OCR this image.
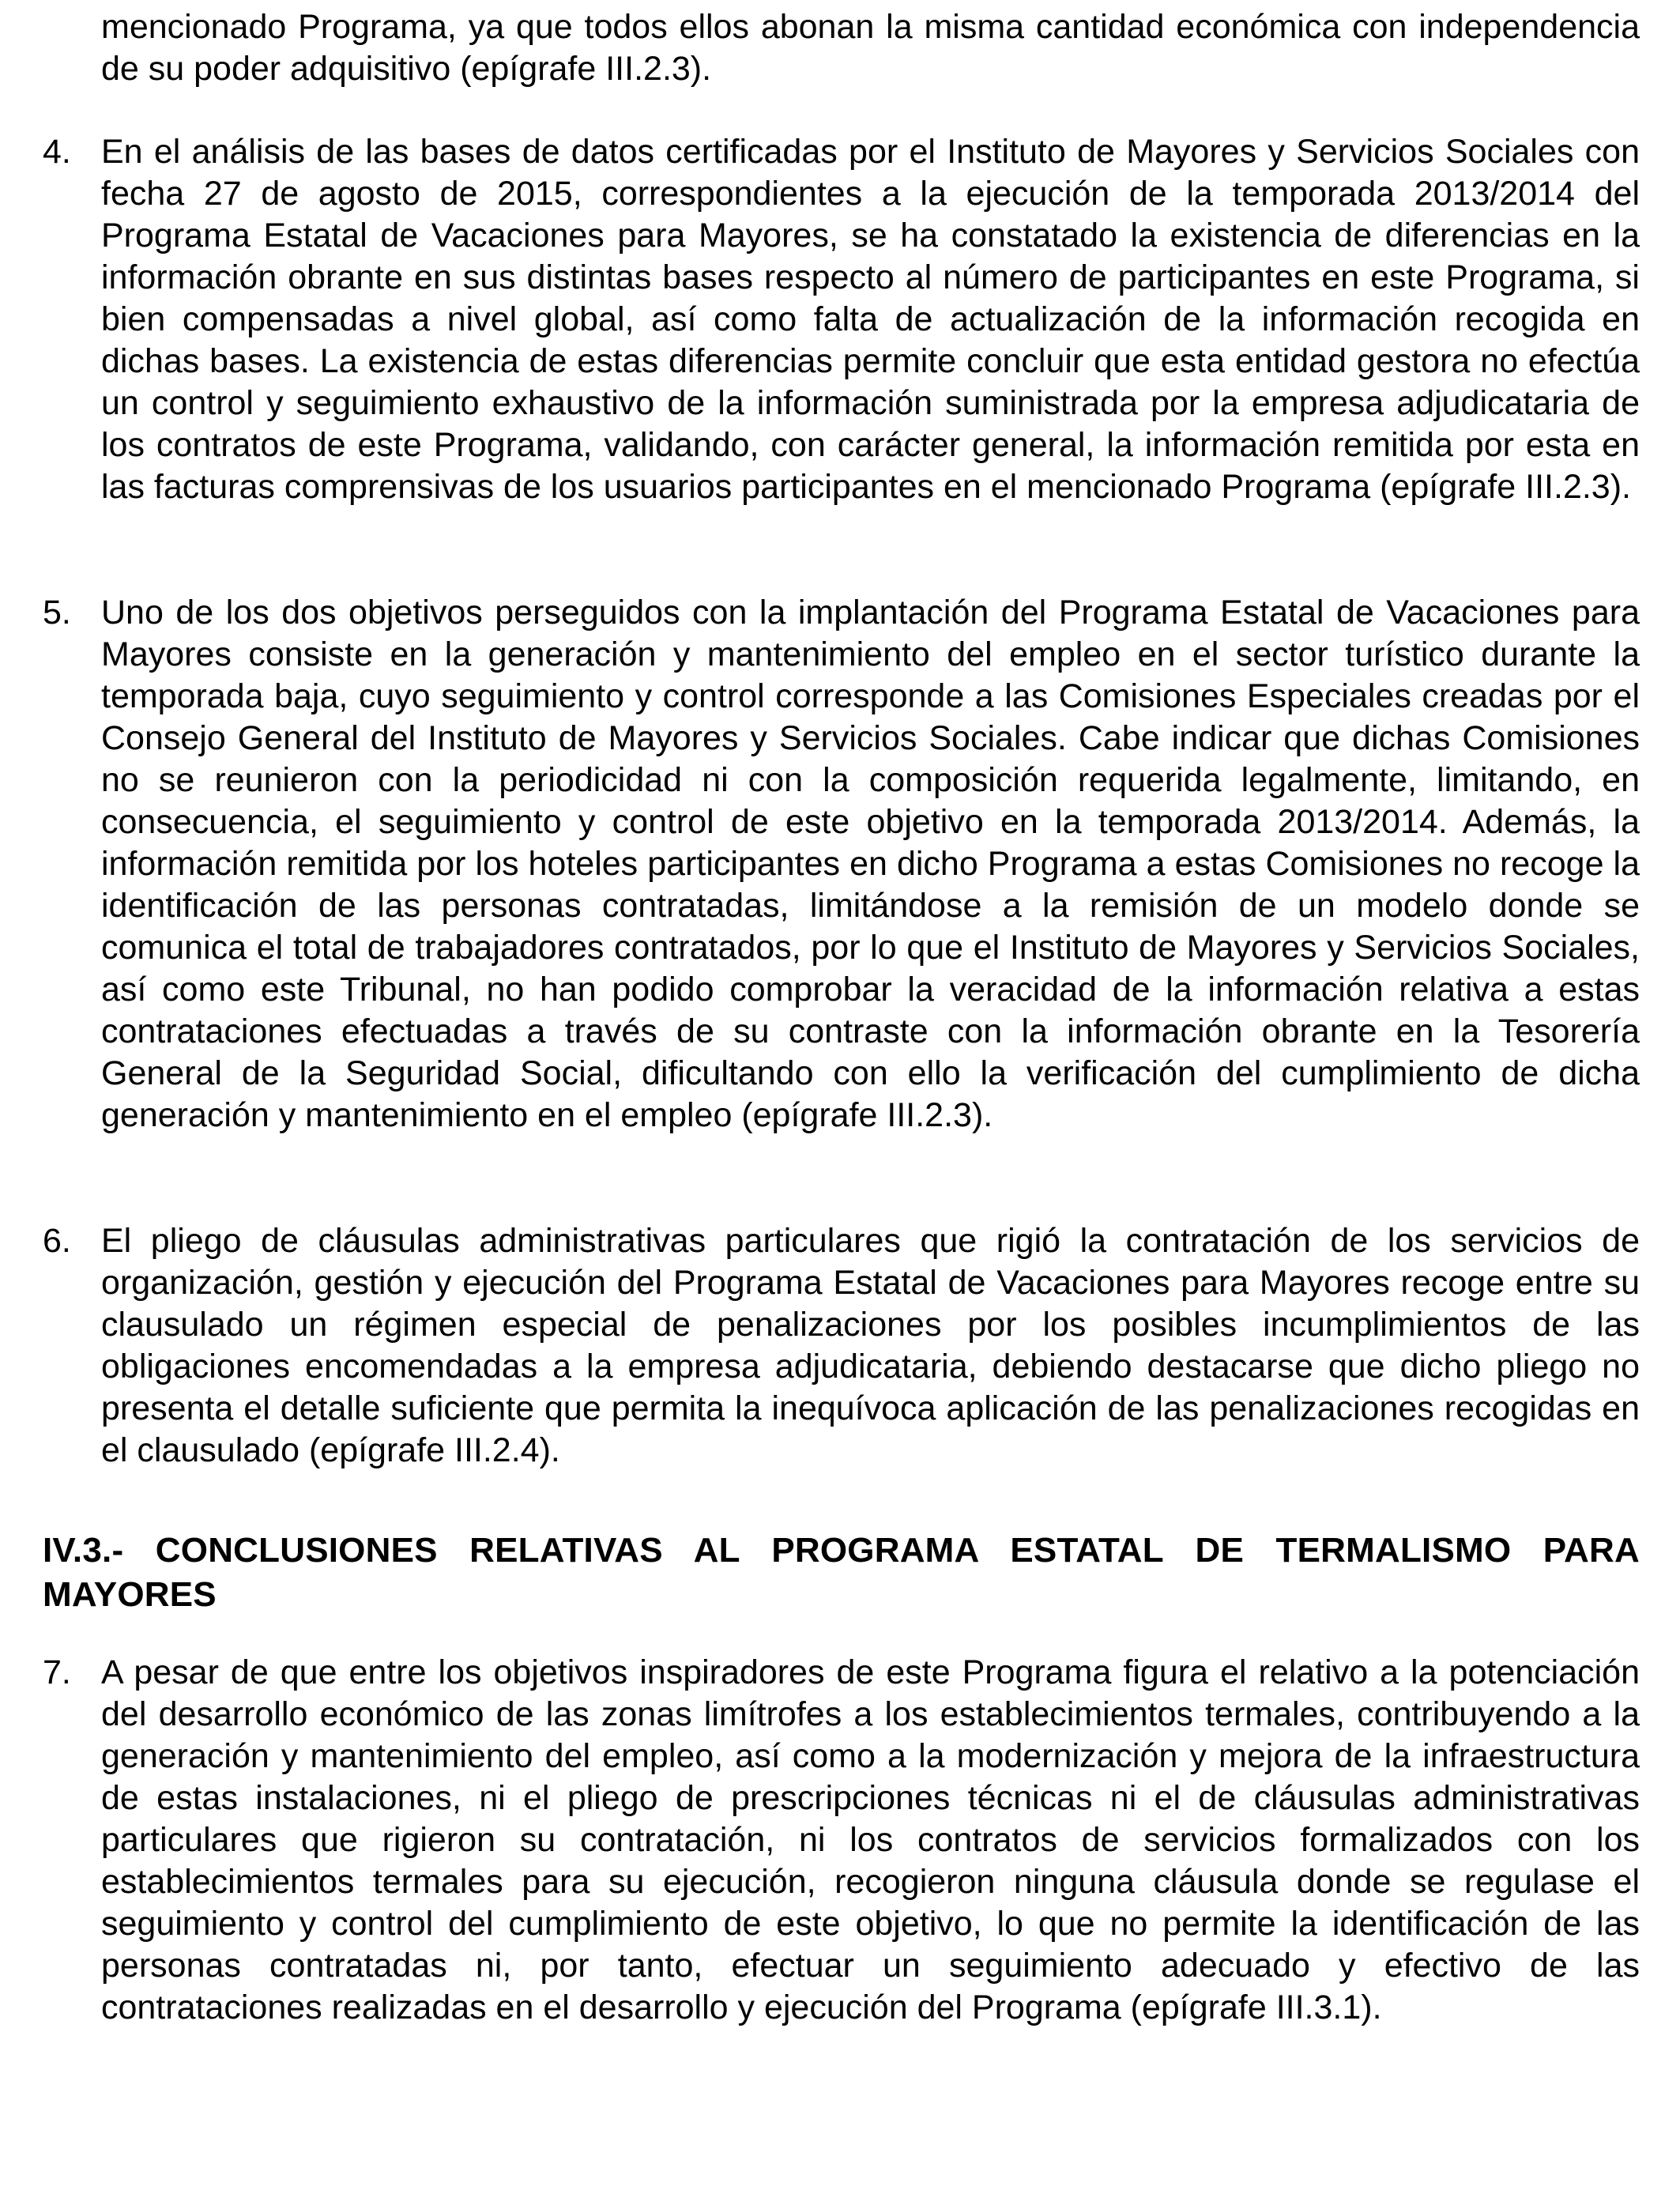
mencionado Programa, ya que todos ellos abonan la misma cantidad económica con independencia de su poder adquisitivo (epígrafe III.2.3).

4. En el análisis de las bases de datos certificadas por el Instituto de Mayores y Servicios Sociales con fecha 27 de agosto de 2015, correspondientes a la ejecución de la temporada 2013/2014 del Programa Estatal de Vacaciones para Mayores, se ha constatado la existencia de diferencias en la información obrante en sus distintas bases respecto al número de participantes en este Programa, si bien compensadas a nivel global, así como falta de actualización de la información recogida en dichas bases. La existencia de estas diferencias permite concluir que esta entidad gestora no efectúa un control y seguimiento exhaustivo de la información suministrada por la empresa adjudicataria de los contratos de este Programa, validando, con carácter general, la información remitida por esta en las facturas comprensivas de los usuarios participantes en el mencionado Programa (epígrafe III.2.3).

5. Uno de los dos objetivos perseguidos con la implantación del Programa Estatal de Vacaciones para Mayores consiste en la generación y mantenimiento del empleo en el sector turístico durante la temporada baja, cuyo seguimiento y control corresponde a las Comisiones Especiales creadas por el Consejo General del Instituto de Mayores y Servicios Sociales. Cabe indicar que dichas Comisiones no se reunieron con la periodicidad ni con la composición requerida legalmente, limitando, en consecuencia, el seguimiento y control de este objetivo en la temporada 2013/2014. Además, la información remitida por los hoteles participantes en dicho Programa a estas Comisiones no recoge la identificación de las personas contratadas, limitándose a la remisión de un modelo donde se comunica el total de trabajadores contratados, por lo que el Instituto de Mayores y Servicios Sociales, así como este Tribunal, no han podido comprobar la veracidad de la información relativa a estas contrataciones efectuadas a través de su contraste con la información obrante en la Tesorería General de la Seguridad Social, dificultando con ello la verificación del cumplimiento de dicha generación y mantenimiento en el empleo (epígrafe III.2.3).

6. El pliego de cláusulas administrativas particulares que rigió la contratación de los servicios de organización, gestión y ejecución del Programa Estatal de Vacaciones para Mayores recoge entre su clausulado un régimen especial de penalizaciones por los posibles incumplimientos de las obligaciones encomendadas a la empresa adjudicataria, debiendo destacarse que dicho pliego no presenta el detalle suficiente que permita la inequívoca aplicación de las penalizaciones recogidas en el clausulado (epígrafe III.2.4).

IV.3.- CONCLUSIONES RELATIVAS AL PROGRAMA ESTATAL DE TERMALISMO PARA MAYORES
7. A pesar de que entre los objetivos inspiradores de este Programa figura el relativo a la potenciación del desarrollo económico de las zonas limítrofes a los establecimientos termales, contribuyendo a la generación y mantenimiento del empleo, así como a la modernización y mejora de la infraestructura de estas instalaciones, ni el pliego de prescripciones técnicas ni el de cláusulas administrativas particulares que rigieron su contratación, ni los contratos de servicios formalizados con los establecimientos termales para su ejecución, recogieron ninguna cláusula donde se regulase el seguimiento y control del cumplimiento de este objetivo, lo que no permite la identificación de las personas contratadas ni, por tanto, efectuar un seguimiento adecuado y efectivo de las contrataciones realizadas en el desarrollo y ejecución del Programa (epígrafe III.3.1).
